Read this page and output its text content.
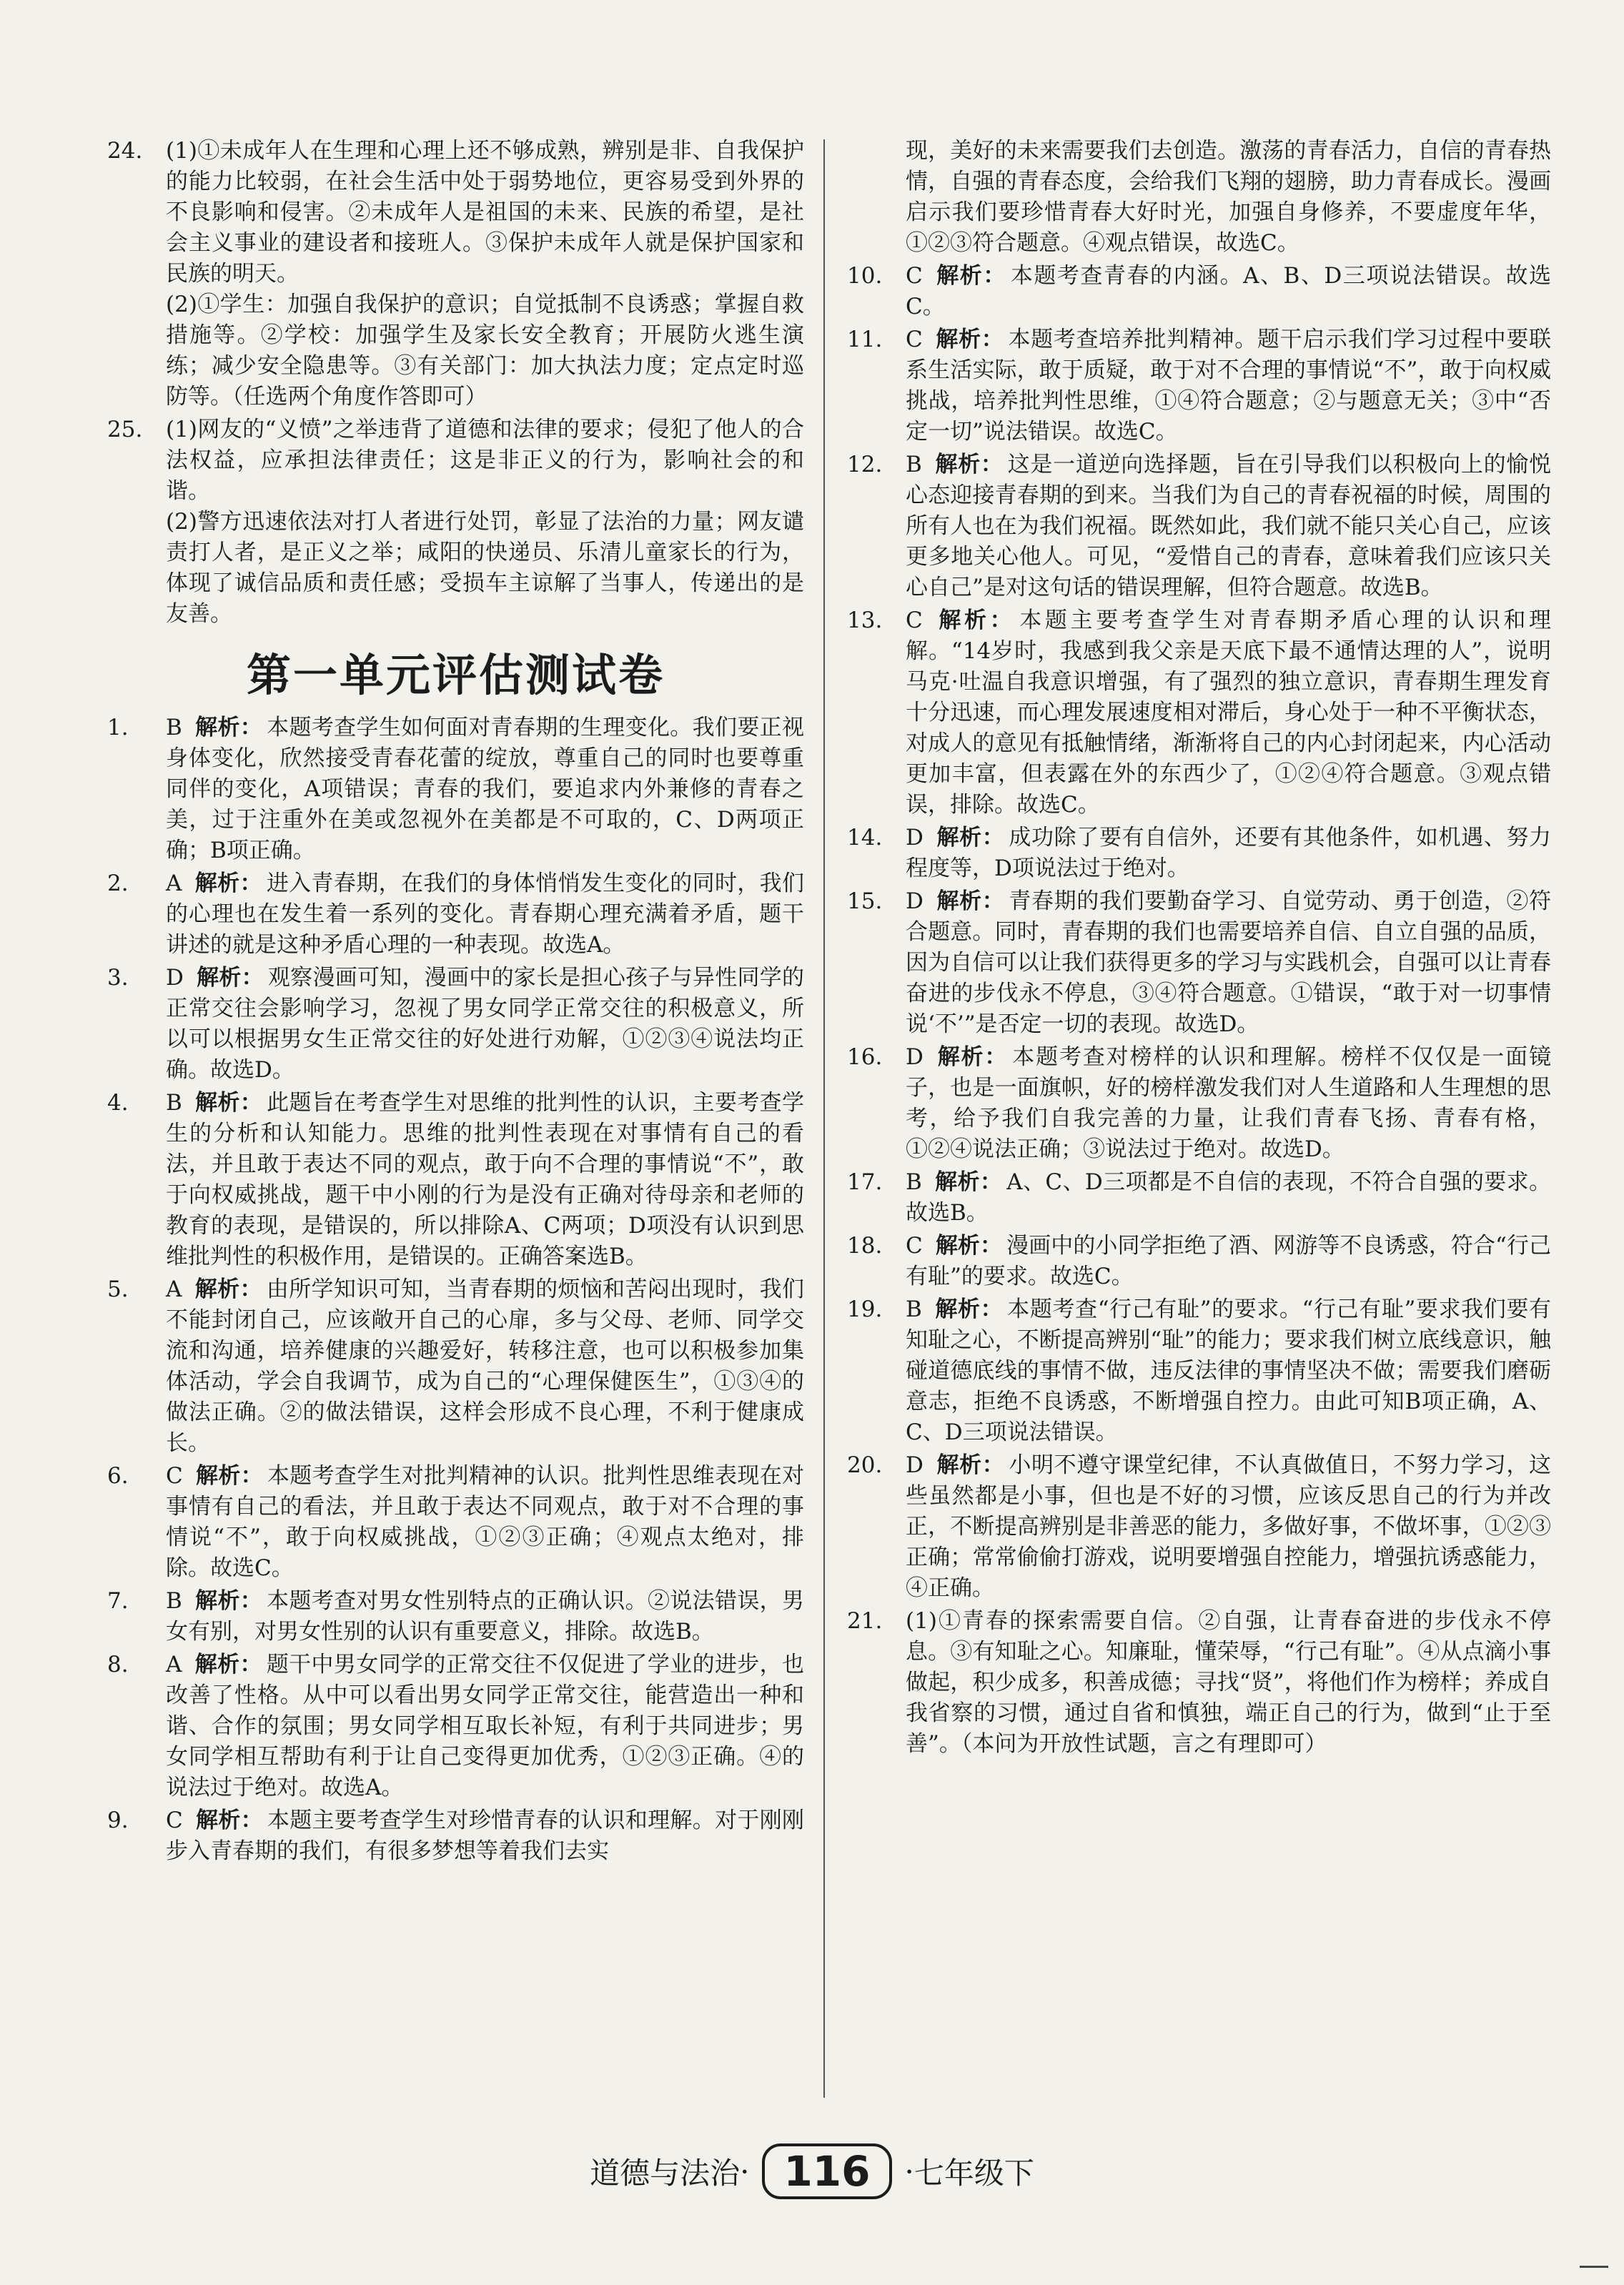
24. (1)①未成年人在生理和心理上还不够成熟，辨别是非、自我保护的能力比较弱，在社会生活中处于弱势地位，更容易受到外界的不良影响和侵害。②未成年人是祖国的未来、民族的希望，是社会主义事业的建设者和接班人。③保护未成年人就是保护国家和民族的明天。
(2)①学生：加强自我保护的意识；自觉抵制不良诱惑；掌握自救措施等。②学校：加强学生及家长安全教育；开展防火逃生演练；减少安全隐患等。③有关部门：加大执法力度；定点定时巡防等。（任选两个角度作答即可）
25. (1)网友的“义愤”之举违背了道德和法律的要求；侵犯了他人的合法权益，应承担法律责任；这是非正义的行为，影响社会的和谐。
(2)警方迅速依法对打人者进行处罚，彰显了法治的力量；网友谴责打人者，是正义之举；咸阳的快递员、乐清儿童家长的行为，体现了诚信品质和责任感；受损车主谅解了当事人，传递出的是友善。
第一单元评估测试卷
1. B 解析： 本题考查学生如何面对青春期的生理变化。我们要正视身体变化，欣然接受青春花蕾的绽放，尊重自己的同时也要尊重同伴的变化，A项错误；青春的我们，要追求内外兼修的青春之美，过于注重外在美或忽视外在美都是不可取的，C、D两项正确；B项正确。
2. A 解析： 进入青春期，在我们的身体悄悄发生变化的同时，我们的心理也在发生着一系列的变化。青春期心理充满着矛盾，题干讲述的就是这种矛盾心理的一种表现。故选A。
3. D 解析： 观察漫画可知，漫画中的家长是担心孩子与异性同学的正常交往会影响学习，忽视了男女同学正常交往的积极意义，所以可以根据男女生正常交往的好处进行劝解，①②③④说法均正确。故选D。
4. B 解析： 此题旨在考查学生对思维的批判性的认识，主要考查学生的分析和认知能力。思维的批判性表现在对事情有自己的看法，并且敢于表达不同的观点，敢于向不合理的事情说“不”，敢于向权威挑战，题干中小刚的行为是没有正确对待母亲和老师的教育的表现，是错误的，所以排除A、C两项；D项没有认识到思维批判性的积极作用，是错误的。正确答案选B。
5. A 解析： 由所学知识可知，当青春期的烦恼和苦闷出现时，我们不能封闭自己，应该敞开自己的心扉，多与父母、老师、同学交流和沟通，培养健康的兴趣爱好，转移注意，也可以积极参加集体活动，学会自我调节，成为自己的“心理保健医生”，①③④的做法正确。②的做法错误，这样会形成不良心理，不利于健康成长。
6. C 解析： 本题考查学生对批判精神的认识。批判性思维表现在对事情有自己的看法，并且敢于表达不同观点，敢于对不合理的事情说“不”，敢于向权威挑战，①②③正确；④观点太绝对，排除。故选C。
7. B 解析： 本题考查对男女性别特点的正确认识。②说法错误，男女有别，对男女性别的认识有重要意义，排除。故选B。
8. A 解析： 题干中男女同学的正常交往不仅促进了学业的进步，也改善了性格。从中可以看出男女同学正常交往，能营造出一种和谐、合作的氛围；男女同学相互取长补短，有利于共同进步；男女同学相互帮助有利于让自己变得更加优秀，①②③正确。④的说法过于绝对。故选A。
9. C 解析： 本题主要考查学生对珍惜青春的认识和理解。对于刚刚步入青春期的我们，有很多梦想等着我们去实
现，美好的未来需要我们去创造。激荡的青春活力，自信的青春热情，自强的青春态度，会给我们飞翔的翅膀，助力青春成长。漫画启示我们要珍惜青春大好时光，加强自身修养，不要虚度年华，①②③符合题意。④观点错误，故选C。
10. C 解析： 本题考查青春的内涵。A、B、D三项说法错误。故选C。
11. C 解析： 本题考查培养批判精神。题干启示我们学习过程中要联系生活实际，敢于质疑，敢于对不合理的事情说“不”，敢于向权威挑战，培养批判性思维，①④符合题意；②与题意无关；③中“否定一切”说法错误。故选C。
12. B 解析： 这是一道逆向选择题，旨在引导我们以积极向上的愉悦心态迎接青春期的到来。当我们为自己的青春祝福的时候，周围的所有人也在为我们祝福。既然如此，我们就不能只关心自己，应该更多地关心他人。可见，“爱惜自己的青春，意味着我们应该只关心自己”是对这句话的错误理解，但符合题意。故选B。
13. C 解析： 本题主要考查学生对青春期矛盾心理的认识和理解。“14岁时，我感到我父亲是天底下最不通情达理的人”，说明马克·吐温自我意识增强，有了强烈的独立意识，青春期生理发育十分迅速，而心理发展速度相对滞后，身心处于一种不平衡状态，对成人的意见有抵触情绪，渐渐将自己的内心封闭起来，内心活动更加丰富，但表露在外的东西少了，①②④符合题意。③观点错误，排除。故选C。
14. D 解析： 成功除了要有自信外，还要有其他条件，如机遇、努力程度等，D项说法过于绝对。
15. D 解析： 青春期的我们要勤奋学习、自觉劳动、勇于创造，②符合题意。同时，青春期的我们也需要培养自信、自立自强的品质，因为自信可以让我们获得更多的学习与实践机会，自强可以让青春奋进的步伐永不停息，③④符合题意。①错误，“敢于对一切事情说‘不’”是否定一切的表现。故选D。
16. D 解析： 本题考查对榜样的认识和理解。榜样不仅仅是一面镜子，也是一面旗帜，好的榜样激发我们对人生道路和人生理想的思考，给予我们自我完善的力量，让我们青春飞扬、青春有格，①②④说法正确；③说法过于绝对。故选D。
17. B 解析： A、C、D三项都是不自信的表现，不符合自强的要求。故选B。
18. C 解析： 漫画中的小同学拒绝了酒、网游等不良诱惑，符合“行己有耻”的要求。故选C。
19. B 解析： 本题考查“行己有耻”的要求。“行己有耻”要求我们要有知耻之心，不断提高辨别“耻”的能力；要求我们树立底线意识，触碰道德底线的事情不做，违反法律的事情坚决不做；需要我们磨砺意志，拒绝不良诱惑，不断增强自控力。由此可知B项正确，A、C、D三项说法错误。
20. D 解析： 小明不遵守课堂纪律，不认真做值日，不努力学习，这些虽然都是小事，但也是不好的习惯，应该反思自己的行为并改正，不断提高辨别是非善恶的能力，多做好事，不做坏事，①②③正确；常常偷偷打游戏，说明要增强自控能力，增强抗诱惑能力，④正确。
21. (1)①青春的探索需要自信。②自强，让青春奋进的步伐永不停息。③有知耻之心。知廉耻，懂荣辱，“行己有耻”。④从点滴小事做起，积少成多，积善成德；寻找“贤”，将他们作为榜样；养成自我省察的习惯，通过自省和慎独，端正自己的行为，做到“止于至善”。（本问为开放性试题，言之有理即可）
道德与法治 · 116	· 七年级下
